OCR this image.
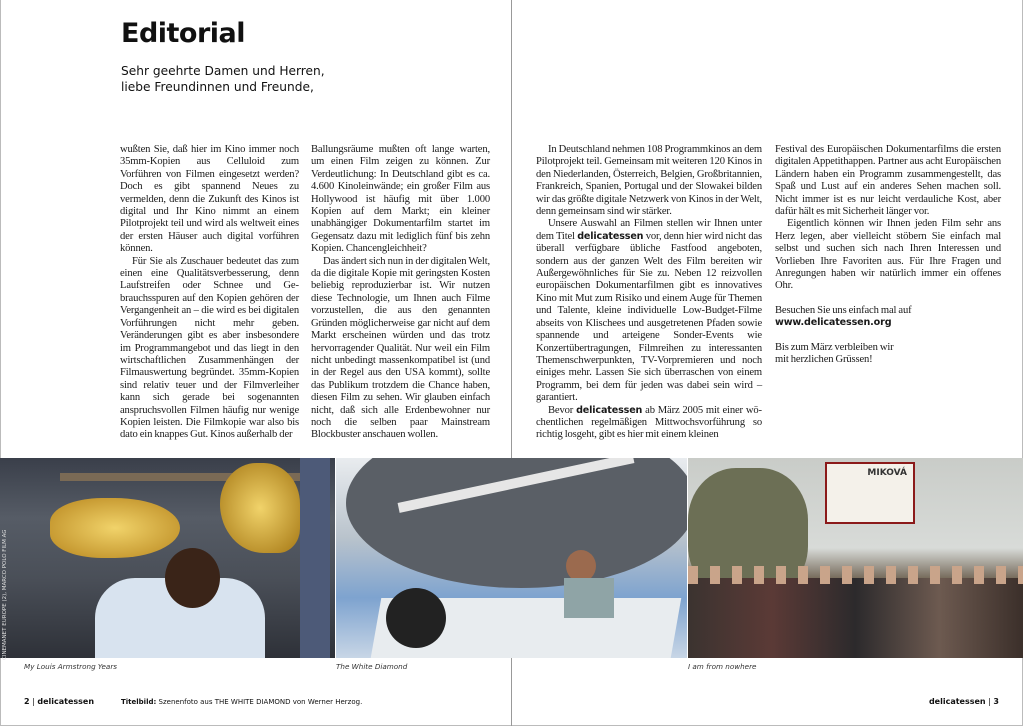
Editorial
Sehr geehrte Damen und Herren,
liebe Freundinnen und Freunde,

wußten Sie, daß hier im Kino immer noch 35mm-Kopien aus Celluloid zum Vorführen von Filmen eingesetzt werden? Doch es gibt spannend Neues zu vermelden, denn die Zukunft des Kinos ist digital und Ihr Kino nimmt an einem Pilotprojekt teil und wird als weltweit eines der ersten Häuser auch digital vorführen können.

Für Sie als Zuschauer bedeutet das zum einen eine Qualitätsverbesserung, denn Laufstreifen oder Schnee und Gebrauchsspuren auf den Kopien gehören der Vergangenheit an – die wird es bei digitalen Vorführungen nicht mehr geben. Veränderungen gibt es aber insbesondere im Programmangebot und das liegt in den wirtschaftlichen Zusammenhängen der Filmauswertung begründet. 35mm-Kopien sind relativ teuer und der Filmverleiher kann sich gerade bei sogenannten anspruchsvollen Filmen häufig nur wenige Kopien leisten. Die Filmkopie war also bis dato ein knappes Gut. Kinos außerhalb der

Ballungsräume mußten oft lange warten, um einen Film zeigen zu können. Zur Verdeutlichung: In Deutschland gibt es ca. 4.600 Kinoleinwände; ein großer Film aus Hollywood ist häufig mit über 1.000 Kopien auf dem Markt; ein kleiner unabhängiger Dokumentarfilm startet im Gegensatz dazu mit lediglich fünf bis zehn Kopien. Chancengleichheit?

Das ändert sich nun in der digitalen Welt, da die digitale Kopie mit geringsten Kosten beliebig reproduzierbar ist. Wir nutzen diese Technologie, um Ihnen auch Filme vorzustellen, die aus den genannten Gründen möglicherweise gar nicht auf dem Markt erscheinen würden und das trotz hervorragender Qualität. Nur weil ein Film nicht unbedingt massenkompatibel ist (und in der Regel aus den USA kommt), sollte das Publikum trotzdem die Chance haben, diesen Film zu sehen. Wir glauben einfach nicht, daß sich alle Erdenbewohner nur noch die selben paar Mainstream Blockbuster anschauen wollen.

In Deutschland nehmen 108 Programmkinos an dem Pilotprojekt teil. Gemeinsam mit weiteren 120 Kinos in den Niederlanden, Österreich, Belgien, Großbritannien, Frankreich, Spanien, Portugal und der Slowakei bilden wir das größte digitale Netzwerk von Kinos in der Welt, denn gemeinsam sind wir stärker.

Unsere Auswahl an Filmen stellen wir Ihnen unter dem Titel delicatessen vor, denn hier wird nicht das überall verfügbare übliche Fastfood angeboten, sondern aus der ganzen Welt des Film bereiten wir Außergewöhnliches für Sie zu. Neben 12 reizvollen europäischen Dokumentarfilmen gibt es innovatives Kino mit Mut zum Risiko und einem Auge für Themen und Talente, kleine individuelle Low-Budget-Filme abseits von Klischees und ausgetretenen Pfaden sowie spannende und arteigene Sonder-Events wie Konzertübertragungen, Filmreihen zu interessanten Themenschwerpunkten, TV-Vorpremieren und noch einiges mehr. Lassen Sie sich überraschen von einem Programm, bei dem für jeden was dabei sein wird – garantiert.

Bevor delicatessen ab März 2005 mit einer wöchentlichen regelmäßigen Mittwochsvorführung so richtig losgeht, gibt es hier mit einem kleinen

Festival des Europäischen Dokumentarfilms die ersten digitalen Appetithappen. Partner aus acht Europäischen Ländern haben ein Programm zusammengestellt, das Spaß und Lust auf ein anderes Sehen machen soll. Nicht immer ist es nur leicht verdauliche Kost, aber dafür hält es mit Sicherheit länger vor.

Eigentlich können wir Ihnen jeden Film sehr ans Herz legen, aber vielleicht stöbern Sie einfach mal selbst und suchen sich nach Ihren Interessen und Vorlieben Ihre Favoriten aus. Für Ihre Fragen und Anregungen haben wir natürlich immer ein offenes Ohr.

Besuchen Sie uns einfach mal auf

www.delicatessen.org

Bis zum März verbleiben wir

mit herzlichen Grüssen!

CINEMANET EUROPE (2), MARCO POLO FILM AG
MIKOVÁ
My Louis Armstrong Years	The White Diamond	I am from nowhere
2 | delicatessen	Titelbild: Szenenfoto aus THE WHITE DIAMOND von Werner Herzog.	delicatessen | 3
